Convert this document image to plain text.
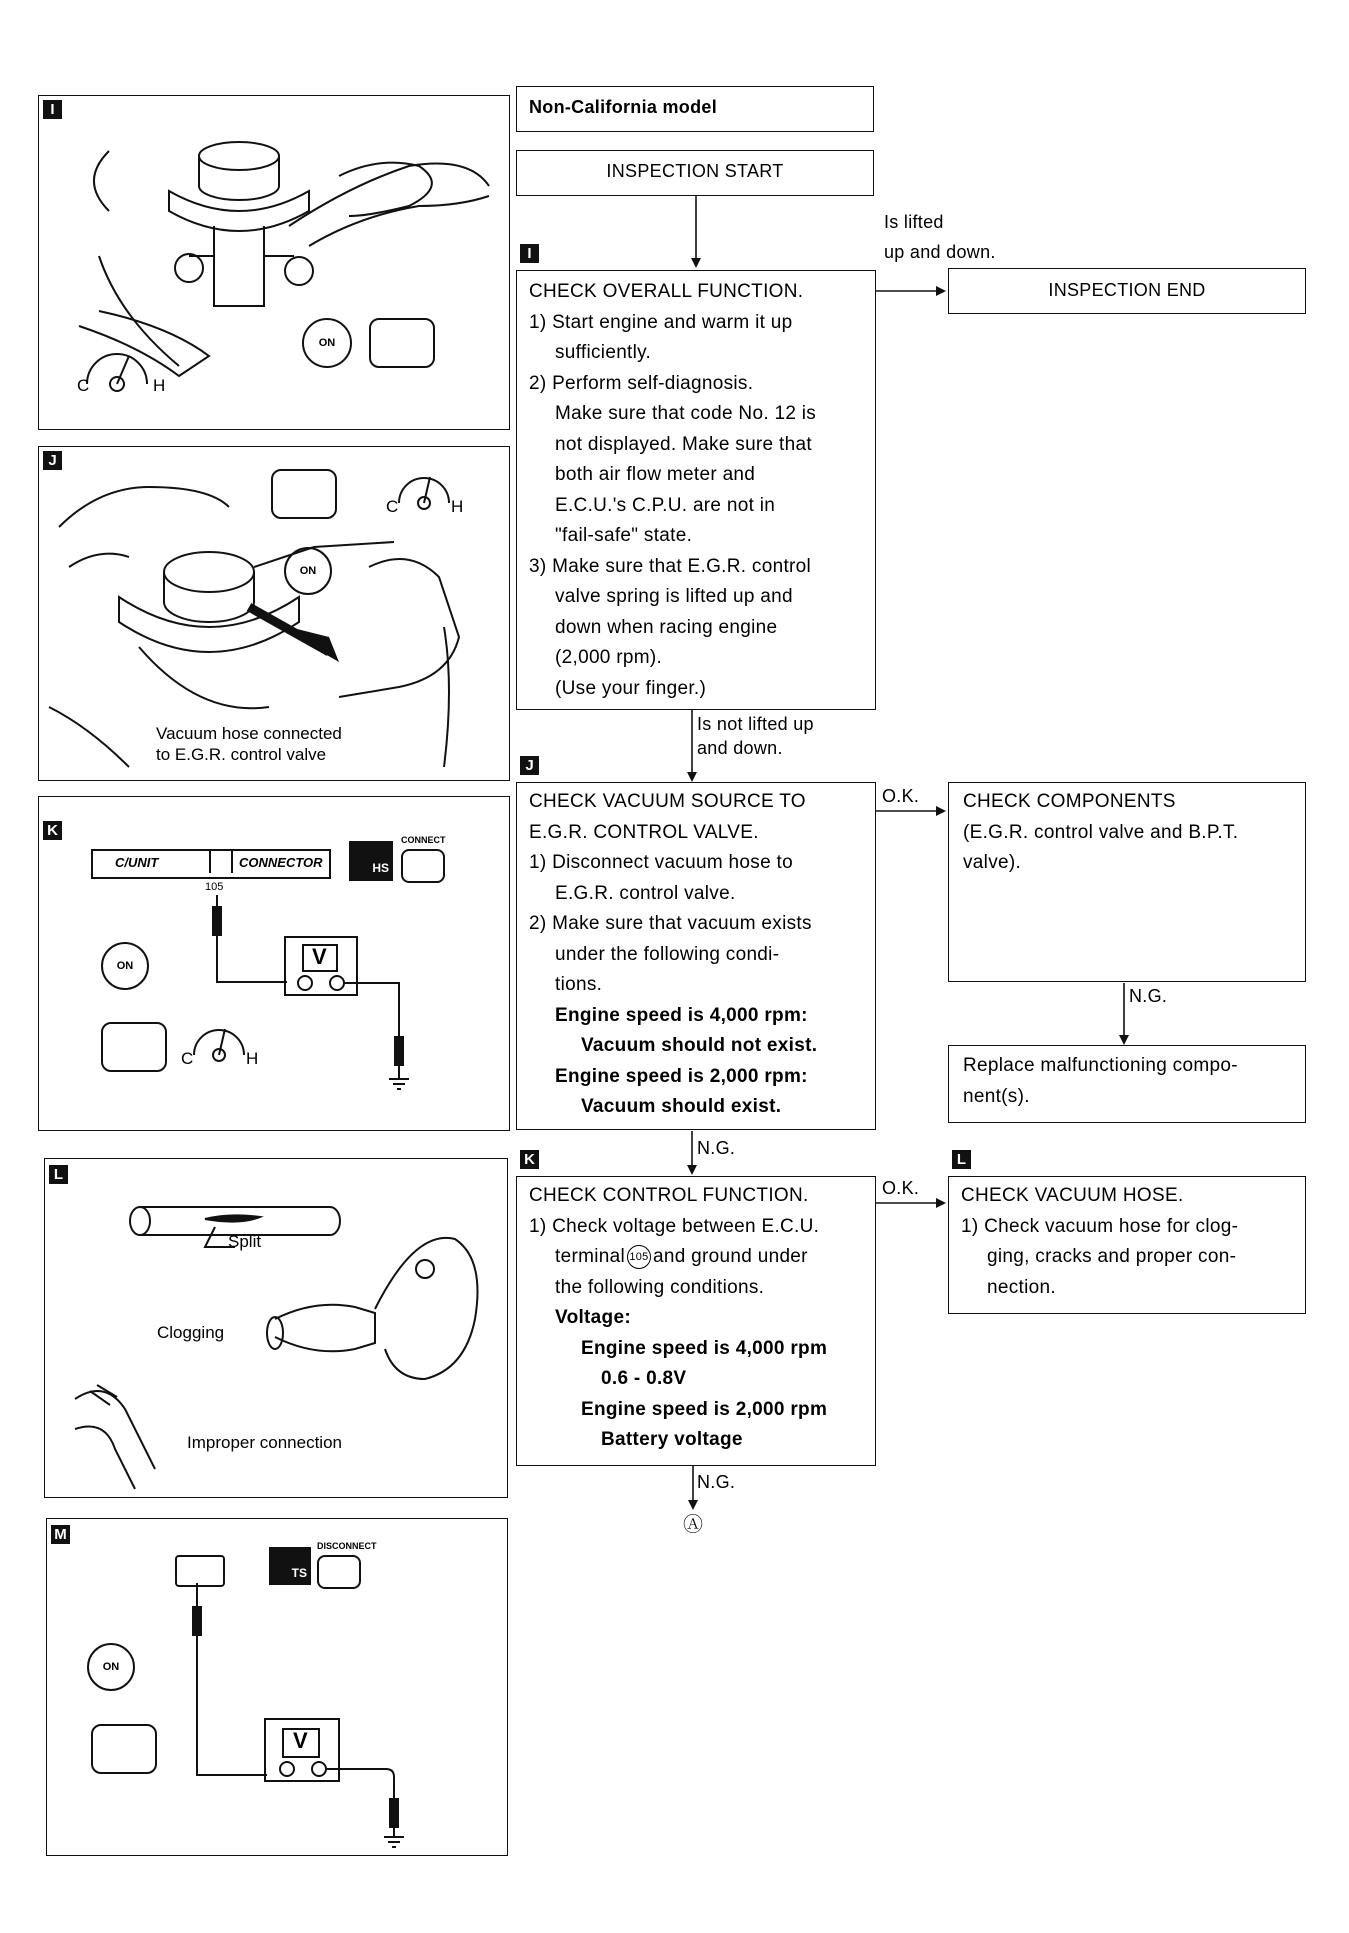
I
ON
C	H
J
ON
C	H
Vacuum hose connected
to E.G.R. control valve
K
C/UNIT	CONNECTOR
105
HS
CONNECT
V
ON
C	H
L
Split
Clogging
Improper connection
M
TS
DISCONNECT
V
ON
Non-California model
INSPECTION START
I
Is lifted
up and down.
INSPECTION END
CHECK OVERALL FUNCTION.
1) Start engine and warm it up
sufficiently.
2) Perform self-diagnosis.
Make sure that code No. 12 is
not displayed. Make sure that
both air flow meter and
E.C.U.'s C.P.U. are not in
"fail-safe" state.
3) Make sure that E.G.R. control
valve spring is lifted up and
down when racing engine
(2,000 rpm).
(Use your finger.)
Is not lifted up
and down.
J
CHECK VACUUM SOURCE TO
E.G.R. CONTROL VALVE.
1) Disconnect vacuum hose to
E.G.R. control valve.
2) Make sure that vacuum exists
under the following condi-
tions.
Engine speed is 4,000 rpm:
Vacuum should not exist.
Engine speed is 2,000 rpm:
Vacuum should exist.
O.K. CHECK COMPONENTS
(E.G.R. control valve and B.P.T.
valve).
N.G.
Replace malfunctioning compo-
nent(s).
N.G.
K	L
CHECK CONTROL FUNCTION.
1) Check voltage between E.C.U.
terminal 105 and ground under
the following conditions.
Voltage:
Engine speed is 4,000 rpm
0.6 - 0.8V
Engine speed is 2,000 rpm
Battery voltage
O.K. CHECK VACUUM HOSE.
1) Check vacuum hose for clog-
ging, cracks and proper con-
nection.
N.G.
Ⓐ
